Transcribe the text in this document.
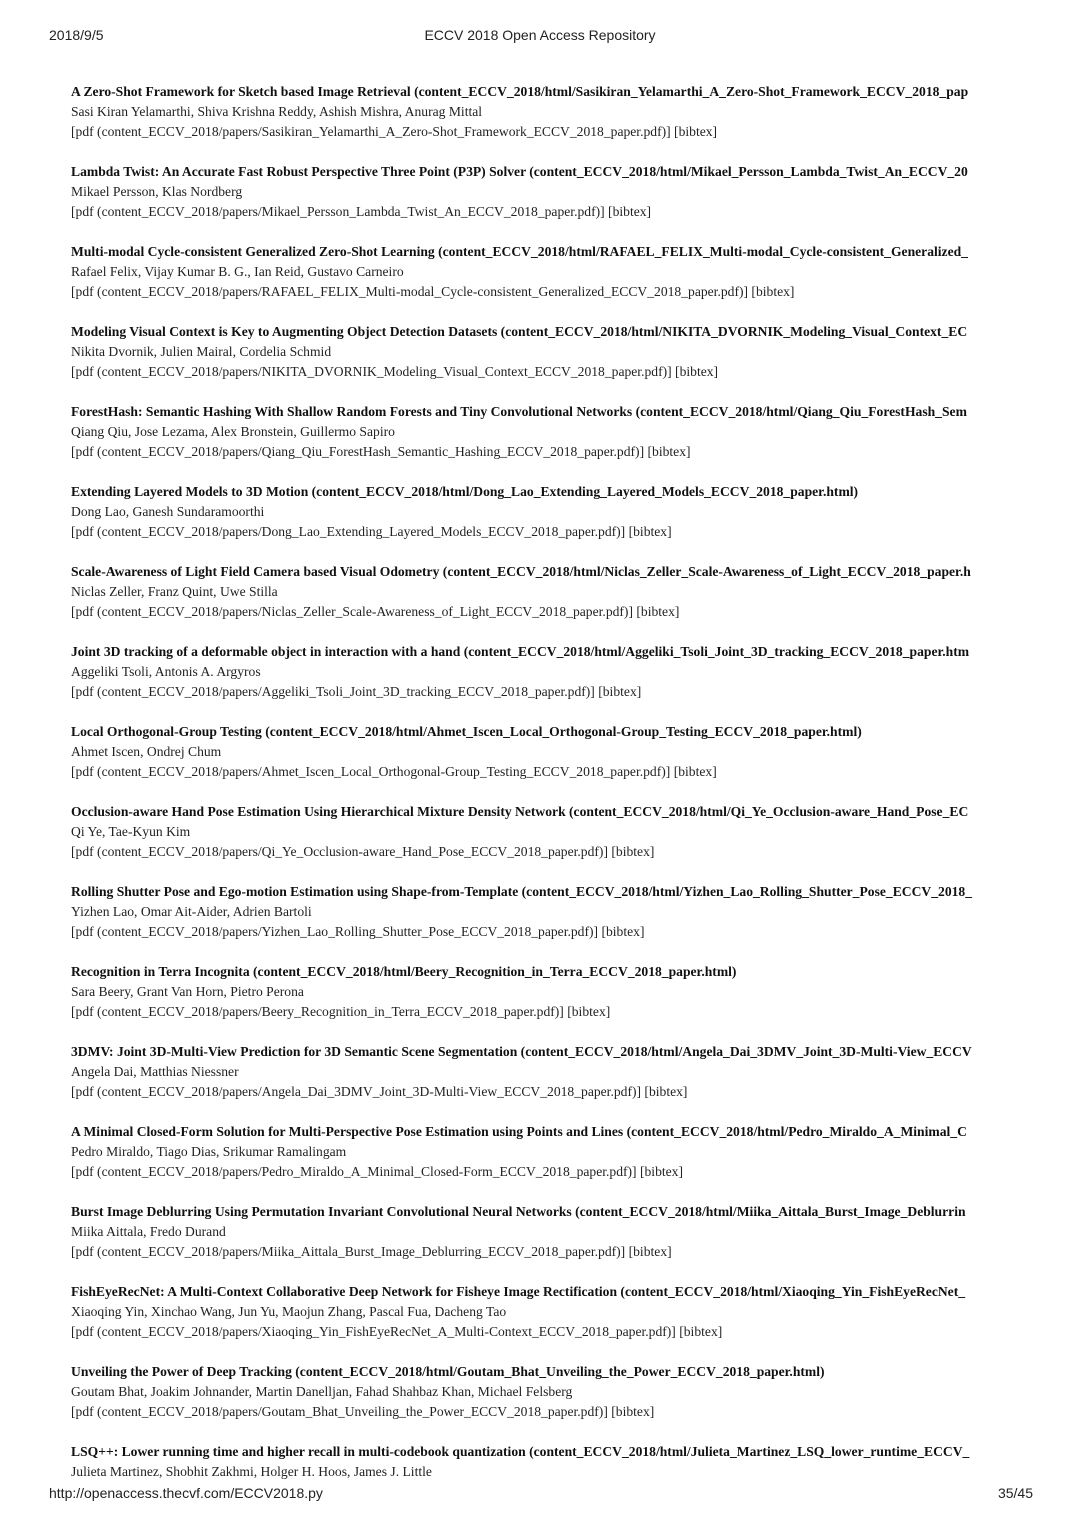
2018/9/5	ECCV 2018 Open Access Repository
A Zero-Shot Framework for Sketch based Image Retrieval (content_ECCV_2018/html/Sasikiran_Yelamarthi_A_Zero-Shot_Framework_ECCV_2018_pap
Sasi Kiran Yelamarthi, Shiva Krishna Reddy, Ashish Mishra, Anurag Mittal
[pdf (content_ECCV_2018/papers/Sasikiran_Yelamarthi_A_Zero-Shot_Framework_ECCV_2018_paper.pdf)] [bibtex]
Lambda Twist: An Accurate Fast Robust Perspective Three Point (P3P) Solver (content_ECCV_2018/html/Mikael_Persson_Lambda_Twist_An_ECCV_20
Mikael Persson, Klas Nordberg
[pdf (content_ECCV_2018/papers/Mikael_Persson_Lambda_Twist_An_ECCV_2018_paper.pdf)] [bibtex]
Multi-modal Cycle-consistent Generalized Zero-Shot Learning (content_ECCV_2018/html/RAFAEL_FELIX_Multi-modal_Cycle-consistent_Generalized_
Rafael Felix, Vijay Kumar B. G., Ian Reid, Gustavo Carneiro
[pdf (content_ECCV_2018/papers/RAFAEL_FELIX_Multi-modal_Cycle-consistent_Generalized_ECCV_2018_paper.pdf)] [bibtex]
Modeling Visual Context is Key to Augmenting Object Detection Datasets (content_ECCV_2018/html/NIKITA_DVORNIK_Modeling_Visual_Context_EC
Nikita Dvornik, Julien Mairal, Cordelia Schmid
[pdf (content_ECCV_2018/papers/NIKITA_DVORNIK_Modeling_Visual_Context_ECCV_2018_paper.pdf)] [bibtex]
ForestHash: Semantic Hashing With Shallow Random Forests and Tiny Convolutional Networks (content_ECCV_2018/html/Qiang_Qiu_ForestHash_Sem
Qiang Qiu, Jose Lezama, Alex Bronstein, Guillermo Sapiro
[pdf (content_ECCV_2018/papers/Qiang_Qiu_ForestHash_Semantic_Hashing_ECCV_2018_paper.pdf)] [bibtex]
Extending Layered Models to 3D Motion (content_ECCV_2018/html/Dong_Lao_Extending_Layered_Models_ECCV_2018_paper.html)
Dong Lao, Ganesh Sundaramoorthi
[pdf (content_ECCV_2018/papers/Dong_Lao_Extending_Layered_Models_ECCV_2018_paper.pdf)] [bibtex]
Scale-Awareness of Light Field Camera based Visual Odometry (content_ECCV_2018/html/Niclas_Zeller_Scale-Awareness_of_Light_ECCV_2018_paper.h
Niclas Zeller, Franz Quint, Uwe Stilla
[pdf (content_ECCV_2018/papers/Niclas_Zeller_Scale-Awareness_of_Light_ECCV_2018_paper.pdf)] [bibtex]
Joint 3D tracking of a deformable object in interaction with a hand (content_ECCV_2018/html/Aggeliki_Tsoli_Joint_3D_tracking_ECCV_2018_paper.htm
Aggeliki Tsoli, Antonis A. Argyros
[pdf (content_ECCV_2018/papers/Aggeliki_Tsoli_Joint_3D_tracking_ECCV_2018_paper.pdf)] [bibtex]
Local Orthogonal-Group Testing (content_ECCV_2018/html/Ahmet_Iscen_Local_Orthogonal-Group_Testing_ECCV_2018_paper.html)
Ahmet Iscen, Ondrej Chum
[pdf (content_ECCV_2018/papers/Ahmet_Iscen_Local_Orthogonal-Group_Testing_ECCV_2018_paper.pdf)] [bibtex]
Occlusion-aware Hand Pose Estimation Using Hierarchical Mixture Density Network (content_ECCV_2018/html/Qi_Ye_Occlusion-aware_Hand_Pose_EC
Qi Ye, Tae-Kyun Kim
[pdf (content_ECCV_2018/papers/Qi_Ye_Occlusion-aware_Hand_Pose_ECCV_2018_paper.pdf)] [bibtex]
Rolling Shutter Pose and Ego-motion Estimation using Shape-from-Template (content_ECCV_2018/html/Yizhen_Lao_Rolling_Shutter_Pose_ECCV_2018_
Yizhen Lao, Omar Ait-Aider, Adrien Bartoli
[pdf (content_ECCV_2018/papers/Yizhen_Lao_Rolling_Shutter_Pose_ECCV_2018_paper.pdf)] [bibtex]
Recognition in Terra Incognita (content_ECCV_2018/html/Beery_Recognition_in_Terra_ECCV_2018_paper.html)
Sara Beery, Grant Van Horn, Pietro Perona
[pdf (content_ECCV_2018/papers/Beery_Recognition_in_Terra_ECCV_2018_paper.pdf)] [bibtex]
3DMV: Joint 3D-Multi-View Prediction for 3D Semantic Scene Segmentation (content_ECCV_2018/html/Angela_Dai_3DMV_Joint_3D-Multi-View_ECCV
Angela Dai, Matthias Niessner
[pdf (content_ECCV_2018/papers/Angela_Dai_3DMV_Joint_3D-Multi-View_ECCV_2018_paper.pdf)] [bibtex]
A Minimal Closed-Form Solution for Multi-Perspective Pose Estimation using Points and Lines (content_ECCV_2018/html/Pedro_Miraldo_A_Minimal_C
Pedro Miraldo, Tiago Dias, Srikumar Ramalingam
[pdf (content_ECCV_2018/papers/Pedro_Miraldo_A_Minimal_Closed-Form_ECCV_2018_paper.pdf)] [bibtex]
Burst Image Deblurring Using Permutation Invariant Convolutional Neural Networks (content_ECCV_2018/html/Miika_Aittala_Burst_Image_Deblurrin
Miika Aittala, Fredo Durand
[pdf (content_ECCV_2018/papers/Miika_Aittala_Burst_Image_Deblurring_ECCV_2018_paper.pdf)] [bibtex]
FishEyeRecNet: A Multi-Context Collaborative Deep Network for Fisheye Image Rectification (content_ECCV_2018/html/Xiaoqing_Yin_FishEyeRecNet_
Xiaoqing Yin, Xinchao Wang, Jun Yu, Maojun Zhang, Pascal Fua, Dacheng Tao
[pdf (content_ECCV_2018/papers/Xiaoqing_Yin_FishEyeRecNet_A_Multi-Context_ECCV_2018_paper.pdf)] [bibtex]
Unveiling the Power of Deep Tracking (content_ECCV_2018/html/Goutam_Bhat_Unveiling_the_Power_ECCV_2018_paper.html)
Goutam Bhat, Joakim Johnander, Martin Danelljan, Fahad Shahbaz Khan, Michael Felsberg
[pdf (content_ECCV_2018/papers/Goutam_Bhat_Unveiling_the_Power_ECCV_2018_paper.pdf)] [bibtex]
LSQ++: Lower running time and higher recall in multi-codebook quantization (content_ECCV_2018/html/Julieta_Martinez_LSQ_lower_runtime_ECCV_
Julieta Martinez, Shobhit Zakhmi, Holger H. Hoos, James J. Little
http://openaccess.thecvf.com/ECCV2018.py	35/45
